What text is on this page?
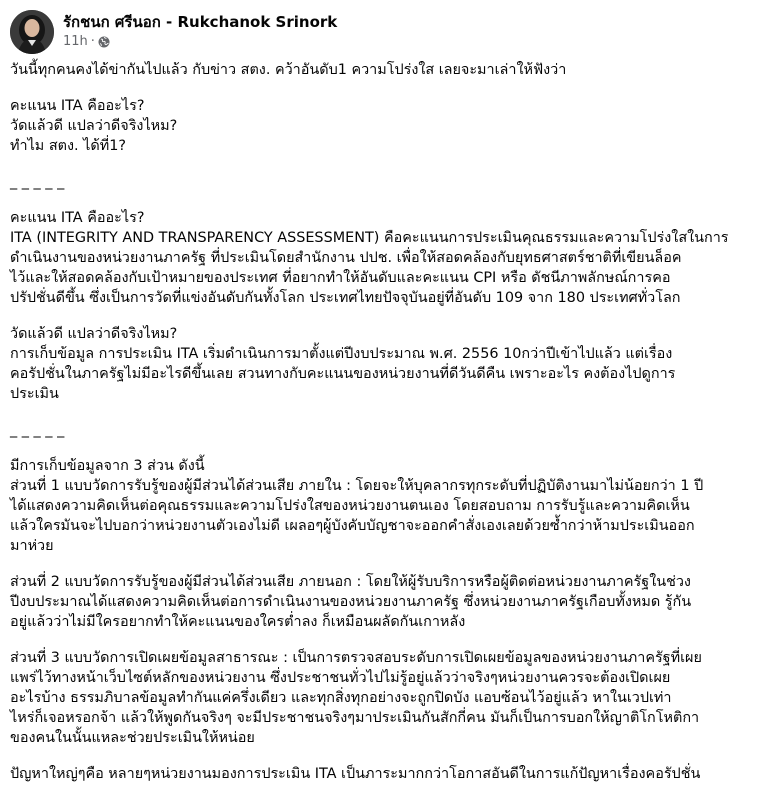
รักชนก ศรีนอก - Rukchanok Srinork
11h ·
วันนี้ทุกคนคงได้ข่ากันไปแล้ว กับข่าว สตง. คว้าอันดับ1 ความโปร่งใส เลยจะมาเล่าให้ฟังว่า
คะแนน ITA คืออะไร?
วัดแล้วดี แปลว่าดีจริงไหม?
ทำไม สตง. ได้ที่1?
_ _ _ _ _
คะแนน ITA คืออะไร?
ITA (INTEGRITY AND TRANSPARENCY ASSESSMENT) คือคะแนนการประเมินคุณธรรมและความโปร่งใสในการ
ดำเนินงานของหน่วยงานภาครัฐ ที่ประเมินโดยสำนักงาน ปปช. เพื่อให้สอดคล้องกับยุทธศาสตร์ชาติที่เขียนล็อค
ไว้และให้สอดคล้องกับเป้าหมายของประเทศ ที่อยากทำให้อันดับและคะแนน CPI หรือ ดัชนีภาพลักษณ์การคอ
ปรัปชั่นดีขึ้น ซึ่งเป็นการวัดที่แข่งอันดับกันทั้งโลก ประเทศไทยปัจจุบันอยู่ที่อันดับ 109 จาก 180 ประเทศทั่วโลก
วัดแล้วดี แปลว่าดีจริงไหม?
การเก็บข้อมูล การประเมิน ITA เริ่มดำเนินการมาตั้งแต่ปีงบประมาณ พ.ศ. 2556 10กว่าปีเข้าไปแล้ว แต่เรื่อง
คอรัปชั่นในภาครัฐไม่มีอะไรดีขึ้นเลย สวนทางกับคะแนนของหน่วยงานที่ดีวันดีคืน เพราะอะไร คงต้องไปดูการ
ประเมิน
_ _ _ _ _
มีการเก็บข้อมูลจาก 3 ส่วน ดังนี้
ส่วนที่ 1 แบบวัดการรับรู้ของผู้มีส่วนได้ส่วนเสีย ภายใน : โดยจะให้บุคลากรทุกระดับที่ปฏิบัติงานมาไม่น้อยกว่า 1 ปี
ได้แสดงความคิดเห็นต่อคุณธรรมและความโปร่งใสของหน่วยงานตนเอง โดยสอบถาม การรับรู้และความคิดเห็น
แล้วใครมันจะไปบอกว่าหน่วยงานตัวเองไม่ดี เผลอๆผู้บังคับบัญชาจะออกคำสั่งเองเลยด้วยซ้ำกว่าห้ามประเมินออก
มาห่วย
ส่วนที่ 2 แบบวัดการรับรู้ของผู้มีส่วนได้ส่วนเสีย ภายนอก : โดยให้ผู้รับบริการหรือผู้ติดต่อหน่วยงานภาครัฐในช่วง
ปีงบประมาณได้แสดงความคิดเห็นต่อการดำเนินงานของหน่วยงานภาครัฐ ซึ่งหน่วยงานภาครัฐเกือบทั้งหมด รู้กัน
อยู่แล้วว่าไม่มีใครอยากทำให้คะแนนของใครต่ำลง ก็เหมือนผลัดกันเกาหลัง
ส่วนที่ 3 แบบวัดการเปิดเผยข้อมูลสาธารณะ : เป็นการตรวจสอบระดับการเปิดเผยข้อมูลของหน่วยงานภาครัฐที่เผย
แพร่ไว้ทางหน้าเว็บไซต์หลักของหน่วยงาน ซึ่งประชาชนทั่วไปไม่รู้อยู่แล้วว่าจริงๆหน่วยงานควรจะต้องเปิดเผย
อะไรบ้าง ธรรมภิบาลข้อมูลทำกันแค่ครึ่งเดียว และทุกสิ่งทุกอย่างจะถูกปิดบัง แอบซ้อนไว้อยู่แล้ว หาในเวปเท่า
ไหร่ก็เจอหรอกจ้า แล้วให้พูดกันจริงๆ จะมีประชาชนจริงๆมาประเมินกันสักกี่คน มันก็เป็นการบอกให้ญาติโกโหติกา
ของคนในนั้นแหละช่วยประเมินให้หน่อย
ปัญหาใหญ่ๆคือ หลายๆหน่วยงานมองการประเมิน ITA เป็นภาระมากกว่าโอกาสอันดีในการแก้ปัญหาเรื่องคอรัปชั่น
